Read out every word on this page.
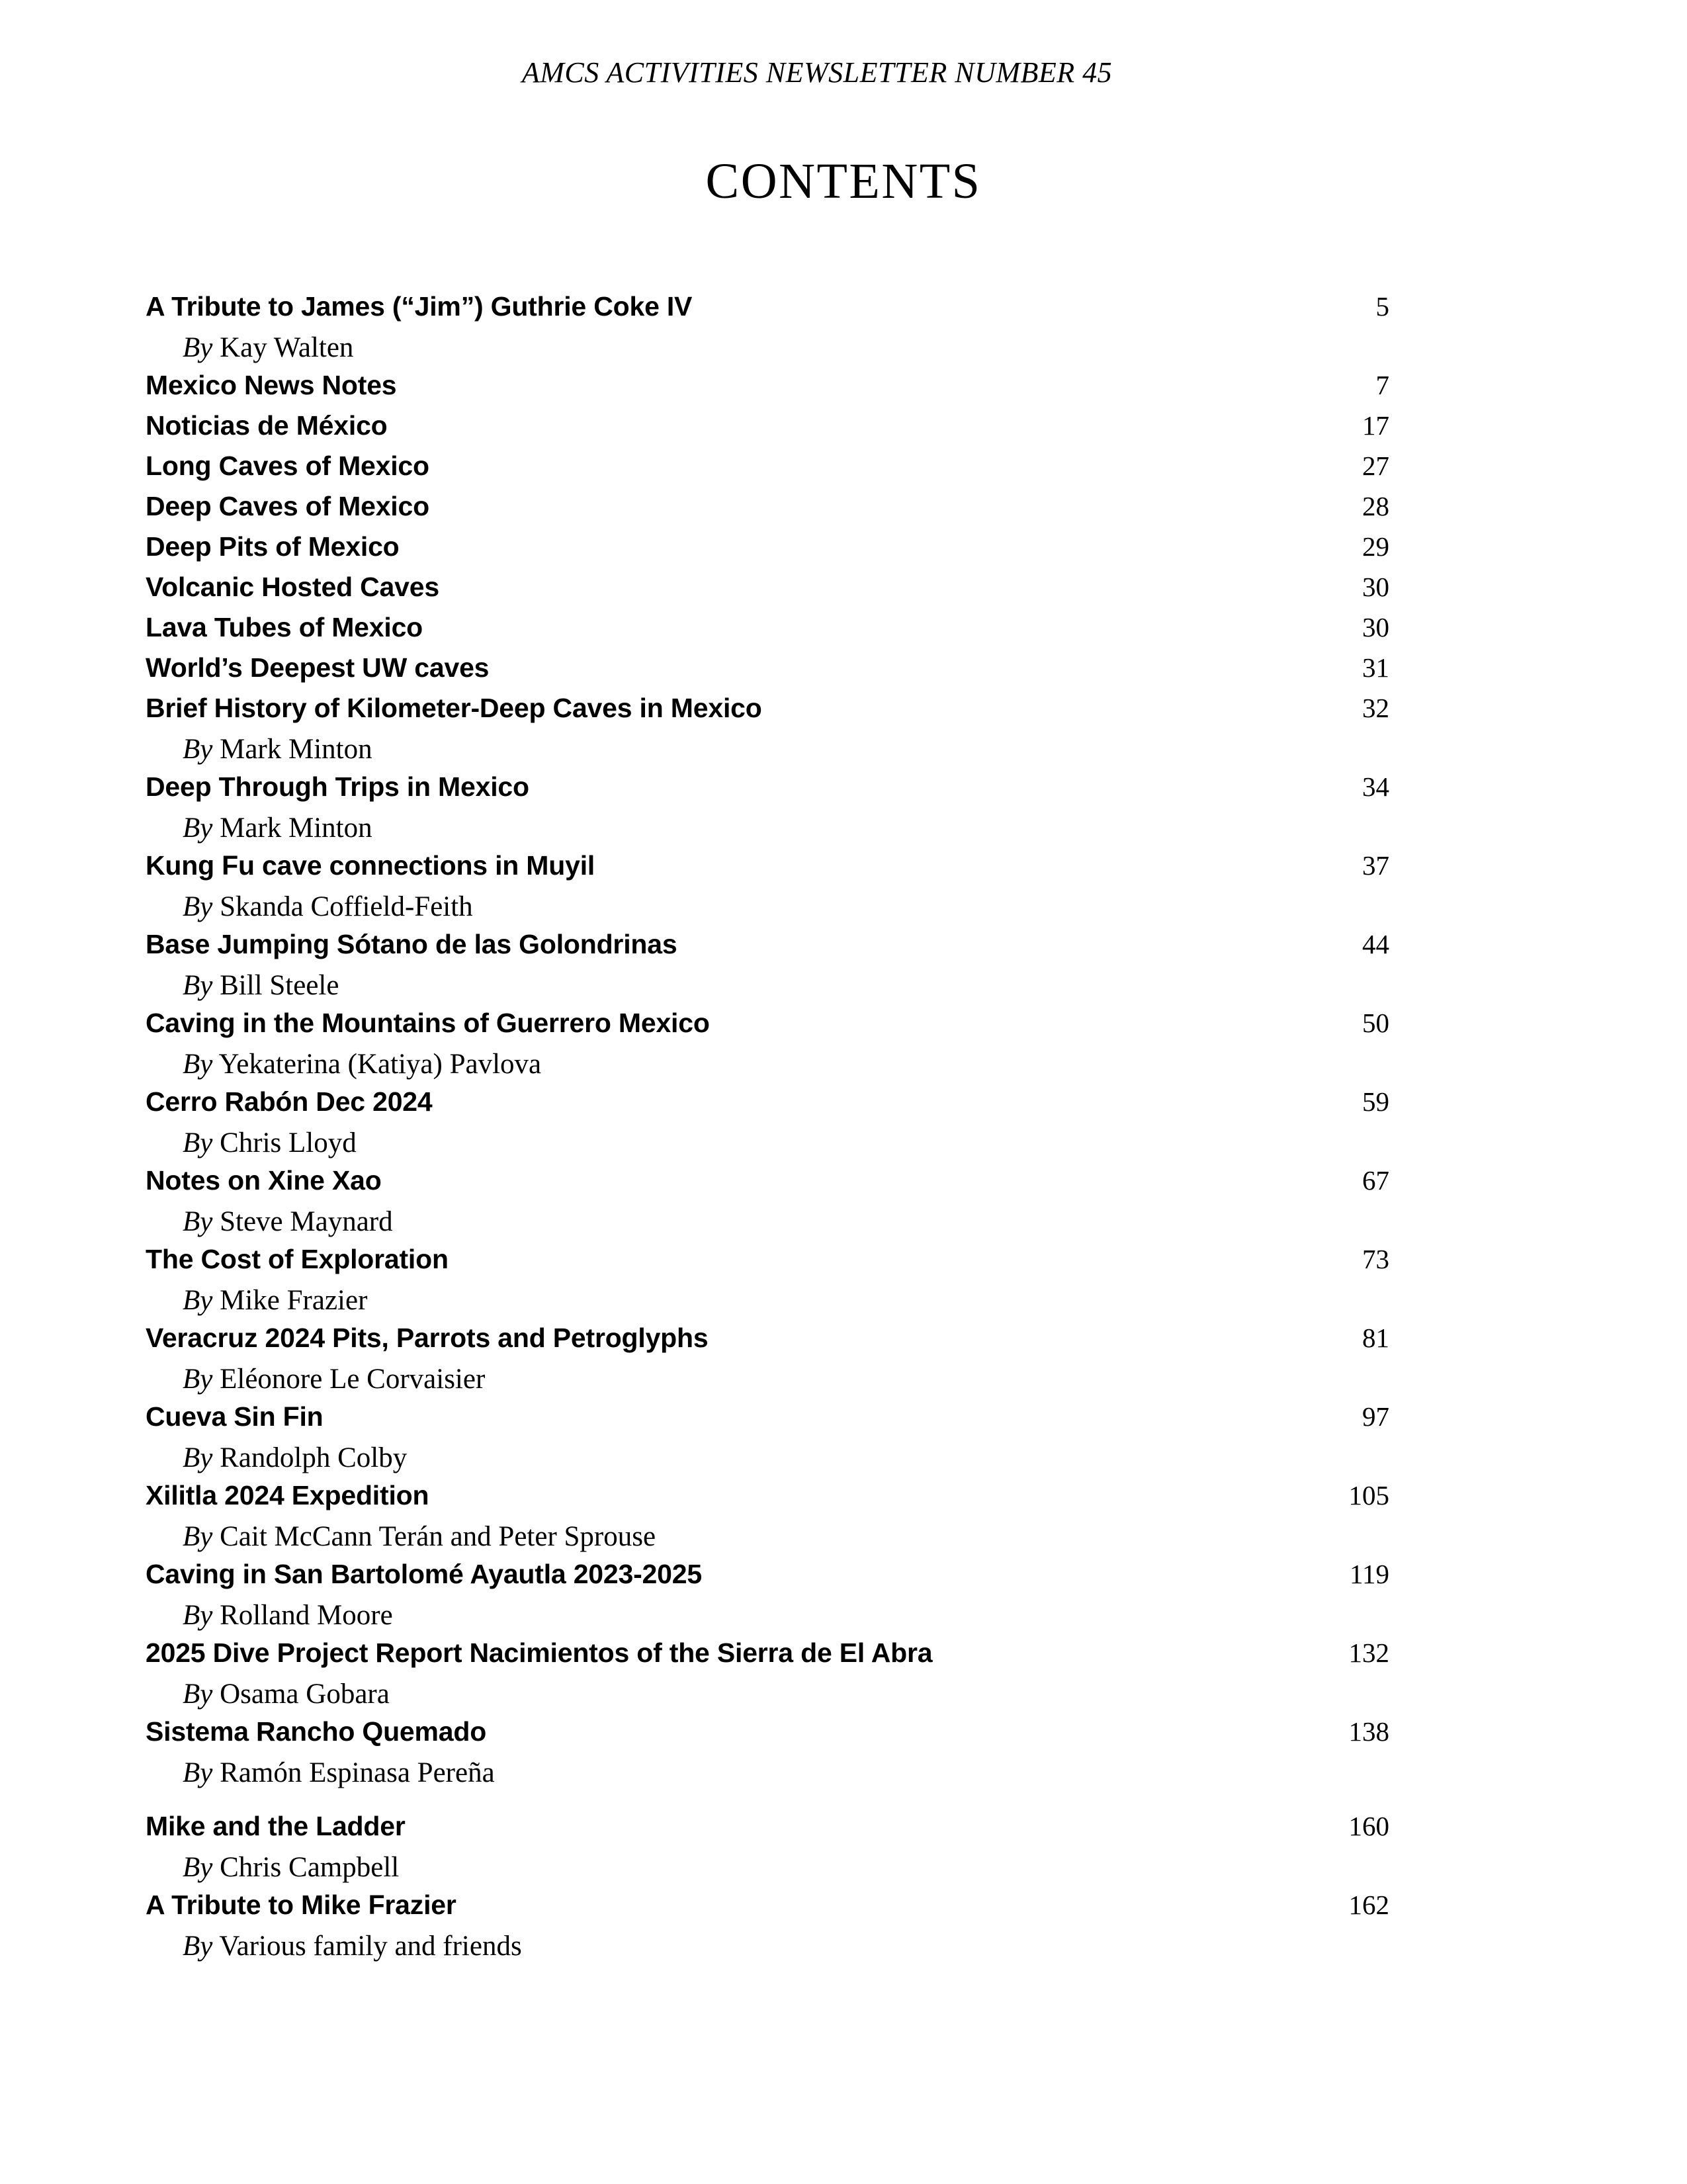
AMCS ACTIVITIES NEWSLETTER NUMBER 45
CONTENTS
A Tribute to James (“Jim”) Guthrie Coke IV	5
By Kay Walten
Mexico News Notes	7
Noticias de México	17
Long Caves of Mexico	27
Deep Caves of Mexico	28
Deep Pits of Mexico	29
Volcanic Hosted Caves	30
Lava Tubes of Mexico	30
World’s Deepest UW caves	31
Brief History of Kilometer-Deep Caves in Mexico	32
By Mark Minton
Deep Through Trips in Mexico	34
By Mark Minton
Kung Fu cave connections in Muyil	37
By Skanda Coffield-Feith
Base Jumping Sótano de las Golondrinas	44
By Bill Steele
Caving in the Mountains of Guerrero Mexico	50
By Yekaterina (Katiya) Pavlova
Cerro Rabón Dec 2024	59
By Chris Lloyd
Notes on Xine Xao	67
By Steve Maynard
The Cost of Exploration	73
By Mike Frazier
Veracruz 2024 Pits, Parrots and Petroglyphs	81
By Eléonore Le Corvaisier
Cueva Sin Fin	97
By Randolph Colby
Xilitla 2024 Expedition	105
By Cait McCann Terán and Peter Sprouse
Caving in San Bartolomé Ayautla 2023-2025	119
By Rolland Moore
2025 Dive Project Report Nacimientos of the Sierra de El Abra	132
By Osama Gobara
Sistema Rancho Quemado	138
By Ramón Espinasa Pereña
Mike and the Ladder	160
By Chris Campbell
A Tribute to Mike Frazier	162
By Various family and friends
